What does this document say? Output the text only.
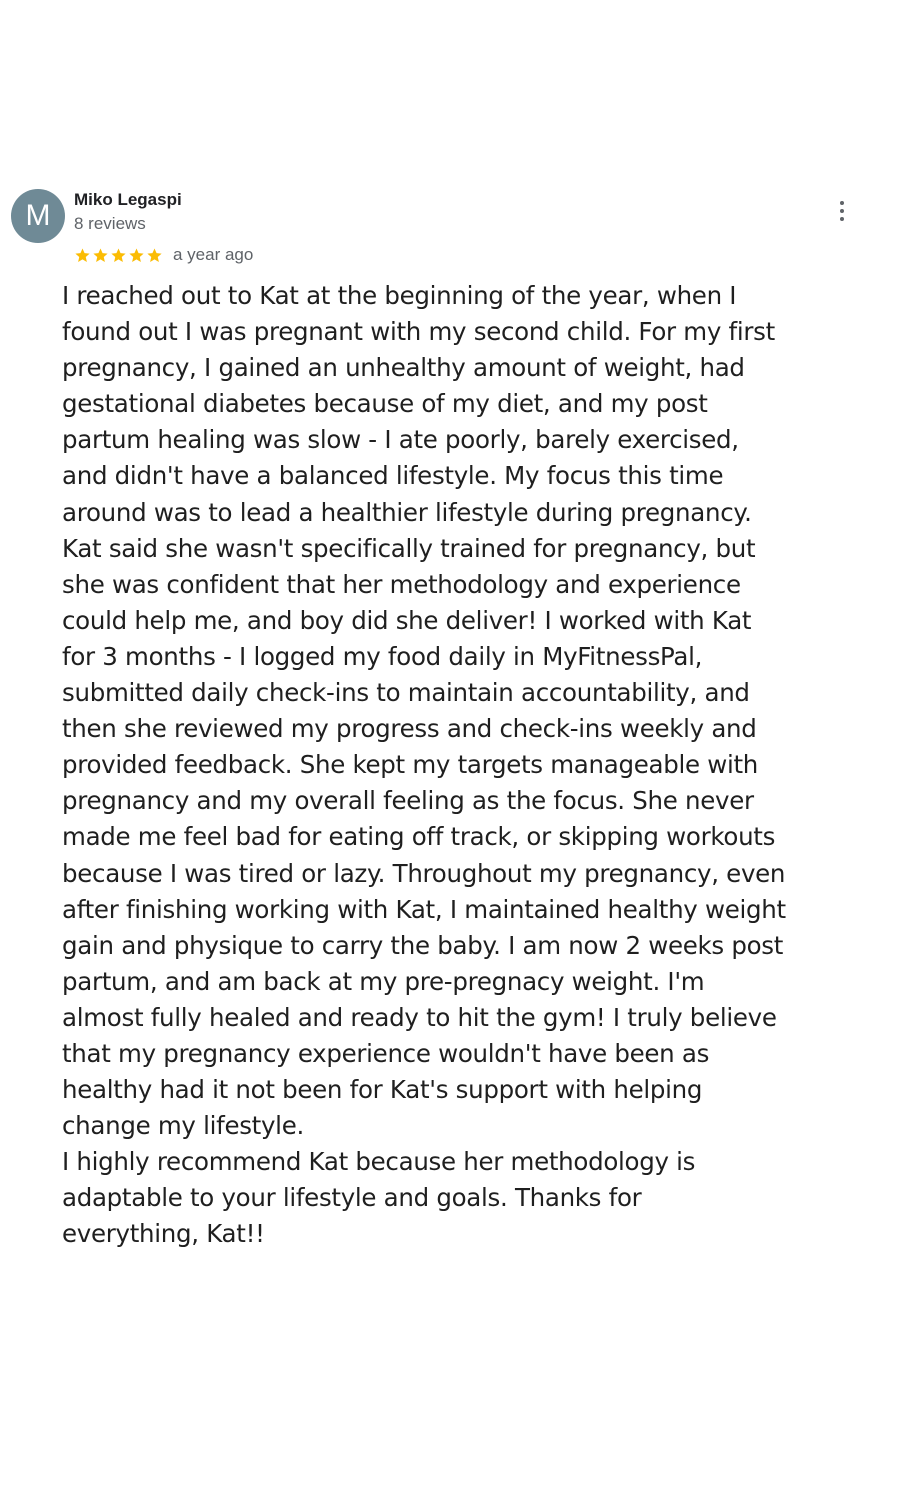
M	Miko Legaspi
8 reviews
a year ago
I reached out to Kat at the beginning of the year, when I
found out I was pregnant with my second child. For my first
pregnancy, I gained an unhealthy amount of weight, had
gestational diabetes because of my diet, and my post
partum healing was slow - I ate poorly, barely exercised,
and didn't have a balanced lifestyle. My focus this time
around was to lead a healthier lifestyle during pregnancy.
Kat said she wasn't specifically trained for pregnancy, but
she was confident that her methodology and experience
could help me, and boy did she deliver! I worked with Kat
for 3 months - I logged my food daily in MyFitnessPal,
submitted daily check-ins to maintain accountability, and
then she reviewed my progress and check-ins weekly and
provided feedback. She kept my targets manageable with
pregnancy and my overall feeling as the focus. She never
made me feel bad for eating off track, or skipping workouts
because I was tired or lazy. Throughout my pregnancy, even
after finishing working with Kat, I maintained healthy weight
gain and physique to carry the baby. I am now 2 weeks post
partum, and am back at my pre-pregnacy weight. I'm
almost fully healed and ready to hit the gym! I truly believe
that my pregnancy experience wouldn't have been as
healthy had it not been for Kat's support with helping
change my lifestyle.
I highly recommend Kat because her methodology is
adaptable to your lifestyle and goals. Thanks for
everything, Kat!!
